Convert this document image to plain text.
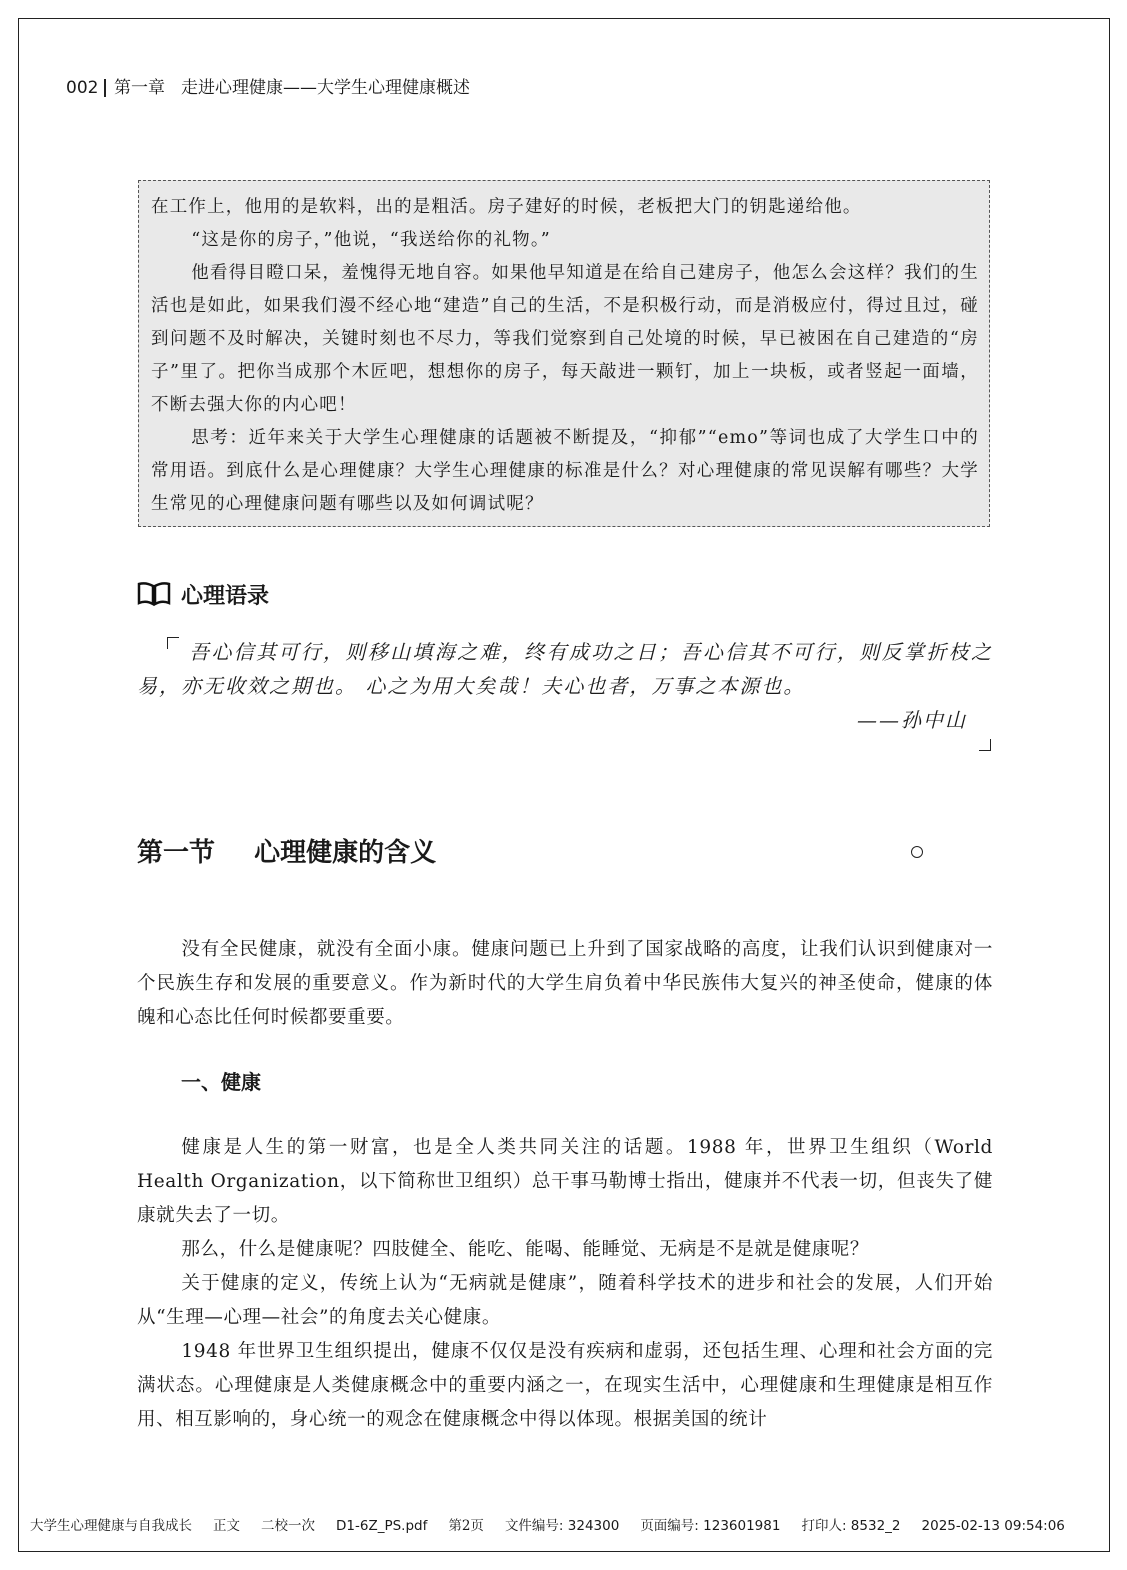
002 第一章 走进心理健康——大学生心理健康概述

在工作上，他用的是软料，出的是粗活。房子建好的时候，老板把大门的钥匙递给他。

“这是你的房子，”他说，“我送给你的礼物。”

他看得目瞪口呆，羞愧得无地自容。如果他早知道是在给自己建房子，他怎么会这样？我们的生活也是如此，如果我们漫不经心地“建造”自己的生活，不是积极行动，而是消极应付，得过且过，碰到问题不及时解决，关键时刻也不尽力，等我们觉察到自己处境的时候，早已被困在自己建造的“房子”里了。把你当成那个木匠吧，想想你的房子，每天敲进一颗钉，加上一块板，或者竖起一面墙，不断去强大你的内心吧！

思考：近年来关于大学生心理健康的话题被不断提及，“抑郁”“emo”等词也成了大学生口中的常用语。到底什么是心理健康？大学生心理健康的标准是什么？对心理健康的常见误解有哪些？大学生常见的心理健康问题有哪些以及如何调试呢？

心理语录

吾心信其可行，则移山填海之难，终有成功之日；吾心信其不可行，则反掌折枝之易，亦无收效之期也。 心之为用大矣哉！夫心也者，万事之本源也。

——孙中山

第一节 心理健康的含义

没有全民健康，就没有全面小康。健康问题已上升到了国家战略的高度，让我们认识到健康对一个民族生存和发展的重要意义。作为新时代的大学生肩负着中华民族伟大复兴的神圣使命，健康的体魄和心态比任何时候都要重要。

一、健康

健康是人生的第一财富，也是全人类共同关注的话题。1988 年，世界卫生组织（World Health Organization，以下简称世卫组织）总干事马勒博士指出，健康并不代表一切，但丧失了健康就失去了一切。

那么，什么是健康呢？四肢健全、能吃、能喝、能睡觉、无病是不是就是健康呢？

关于健康的定义，传统上认为“无病就是健康”，随着科学技术的进步和社会的发展，人们开始从“生理—心理—社会”的角度去关心健康。

1948 年世界卫生组织提出，健康不仅仅是没有疾病和虚弱，还包括生理、心理和社会方面的完满状态。心理健康是人类健康概念中的重要内涵之一，在现实生活中，心理健康和生理健康是相互作用、相互影响的，身心统一的观念在健康概念中得以体现。根据美国的统计

大学生心理健康与自我成长 正文 二校一次 D1-6Z_PS.pdf 第2页 文件编号: 324300 页面编号: 123601981 打印人: 8532_2 2025-02-13 09:54:06
